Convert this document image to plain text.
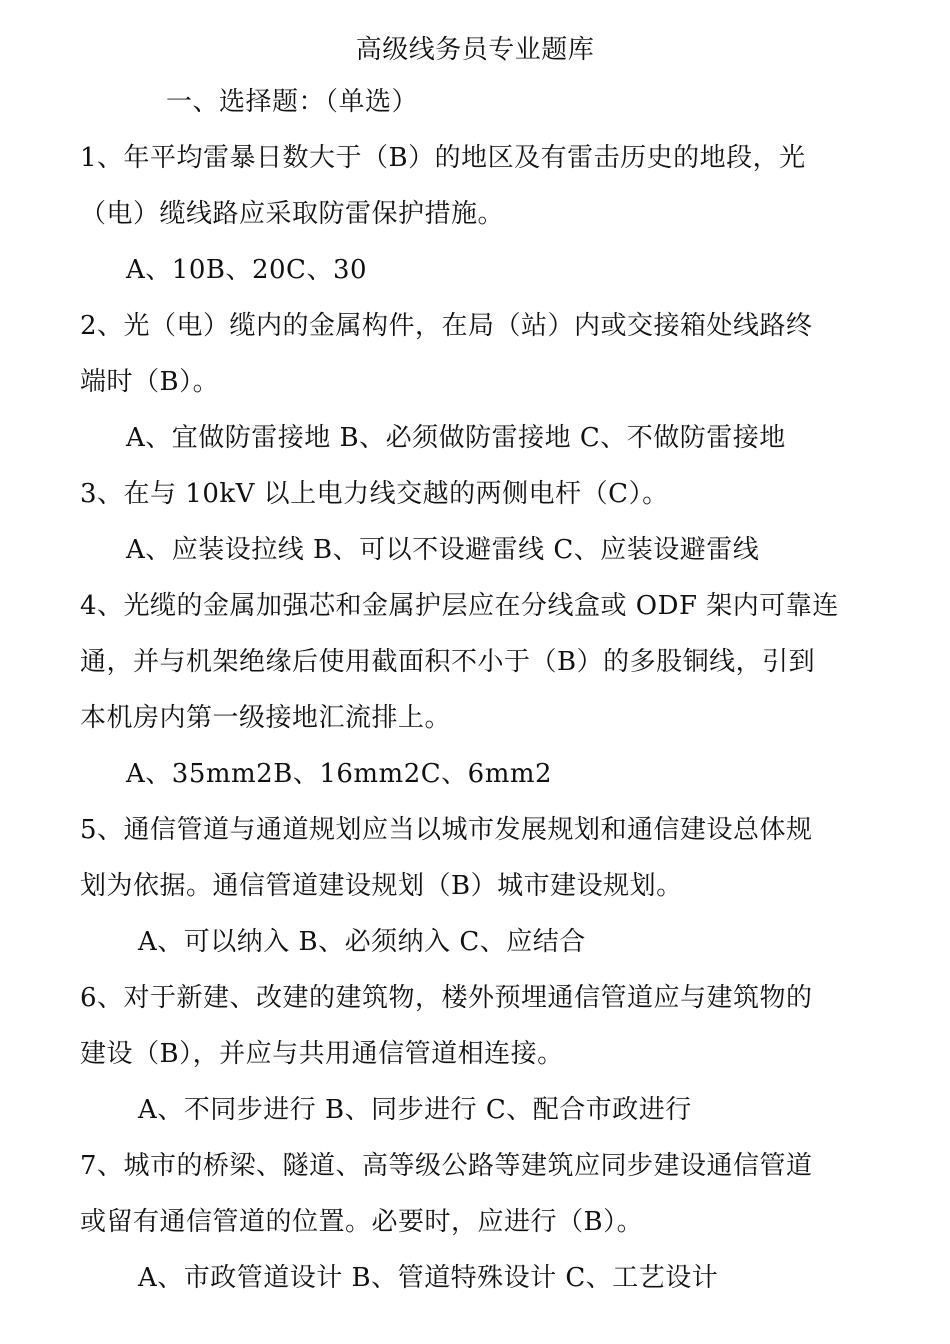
高级线务员专业题库
一、选择题：（单选）
1、年平均雷暴日数大于（B）的地区及有雷击历史的地段，光
（电）缆线路应采取防雷保护措施。
A、10B、20C、30
2、光（电）缆内的金属构件，在局（站）内或交接箱处线路终
端时（B）。
A、宜做防雷接地 B、必须做防雷接地 C、不做防雷接地
3、在与 10kV 以上电力线交越的两侧电杆（C）。
A、应装设拉线 B、可以不设避雷线 C、应装设避雷线
4、光缆的金属加强芯和金属护层应在分线盒或 ODF 架内可靠连
通，并与机架绝缘后使用截面积不小于（B）的多股铜线，引到
本机房内第一级接地汇流排上。
A、35mm2B、16mm2C、6mm2
5、通信管道与通道规划应当以城市发展规划和通信建设总体规
划为依据。通信管道建设规划（B）城市建设规划。
A、可以纳入 B、必须纳入 C、应结合
6、对于新建、改建的建筑物，楼外预埋通信管道应与建筑物的
建设（B），并应与共用通信管道相连接。
A、不同步进行 B、同步进行 C、配合市政进行
7、城市的桥梁、隧道、高等级公路等建筑应同步建设通信管道
或留有通信管道的位置。必要时，应进行（B）。
A、市政管道设计 B、管道特殊设计 C、工艺设计
